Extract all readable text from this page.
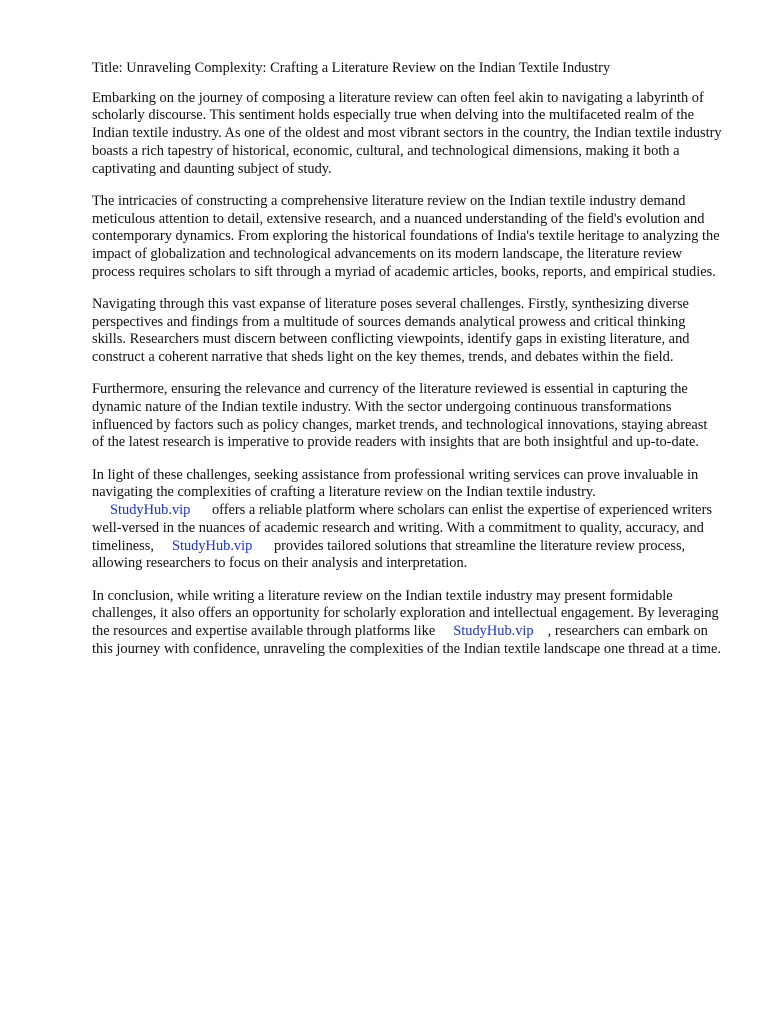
Title: Unraveling Complexity: Crafting a Literature Review on the Indian Textile Industry

Embarking on the journey of composing a literature review can often feel akin to navigating a labyrinth of scholarly discourse. This sentiment holds especially true when delving into the multifaceted realm of the Indian textile industry. As one of the oldest and most vibrant sectors in the country, the Indian textile industry boasts a rich tapestry of historical, economic, cultural, and technological dimensions, making it both a captivating and daunting subject of study.

The intricacies of constructing a comprehensive literature review on the Indian textile industry demand meticulous attention to detail, extensive research, and a nuanced understanding of the field's evolution and contemporary dynamics. From exploring the historical foundations of India's textile heritage to analyzing the impact of globalization and technological advancements on its modern landscape, the literature review process requires scholars to sift through a myriad of academic articles, books, reports, and empirical studies.

Navigating through this vast expanse of literature poses several challenges. Firstly, synthesizing diverse perspectives and findings from a multitude of sources demands analytical prowess and critical thinking skills. Researchers must discern between conflicting viewpoints, identify gaps in existing literature, and construct a coherent narrative that sheds light on the key themes, trends, and debates within the field.

Furthermore, ensuring the relevance and currency of the literature reviewed is essential in capturing the dynamic nature of the Indian textile industry. With the sector undergoing continuous transformations influenced by factors such as policy changes, market trends, and technological innovations, staying abreast of the latest research is imperative to provide readers with insights that are both insightful and up-to-date.

In light of these challenges, seeking assistance from professional writing services can prove invaluable in navigating the complexities of crafting a literature review on the Indian textile industry.
StudyHub.vip offers a reliable platform where scholars can enlist the expertise of experienced writers well-versed in the nuances of academic research and writing. With a commitment to quality, accuracy, and timeliness, StudyHub.vip provides tailored solutions that streamline the literature review process, allowing researchers to focus on their analysis and interpretation.

In conclusion, while writing a literature review on the Indian textile industry may present formidable challenges, it also offers an opportunity for scholarly exploration and intellectual engagement. By leveraging the resources and expertise available through platforms like StudyHub.vip , researchers can embark on this journey with confidence, unraveling the complexities of the Indian textile landscape one thread at a time.
